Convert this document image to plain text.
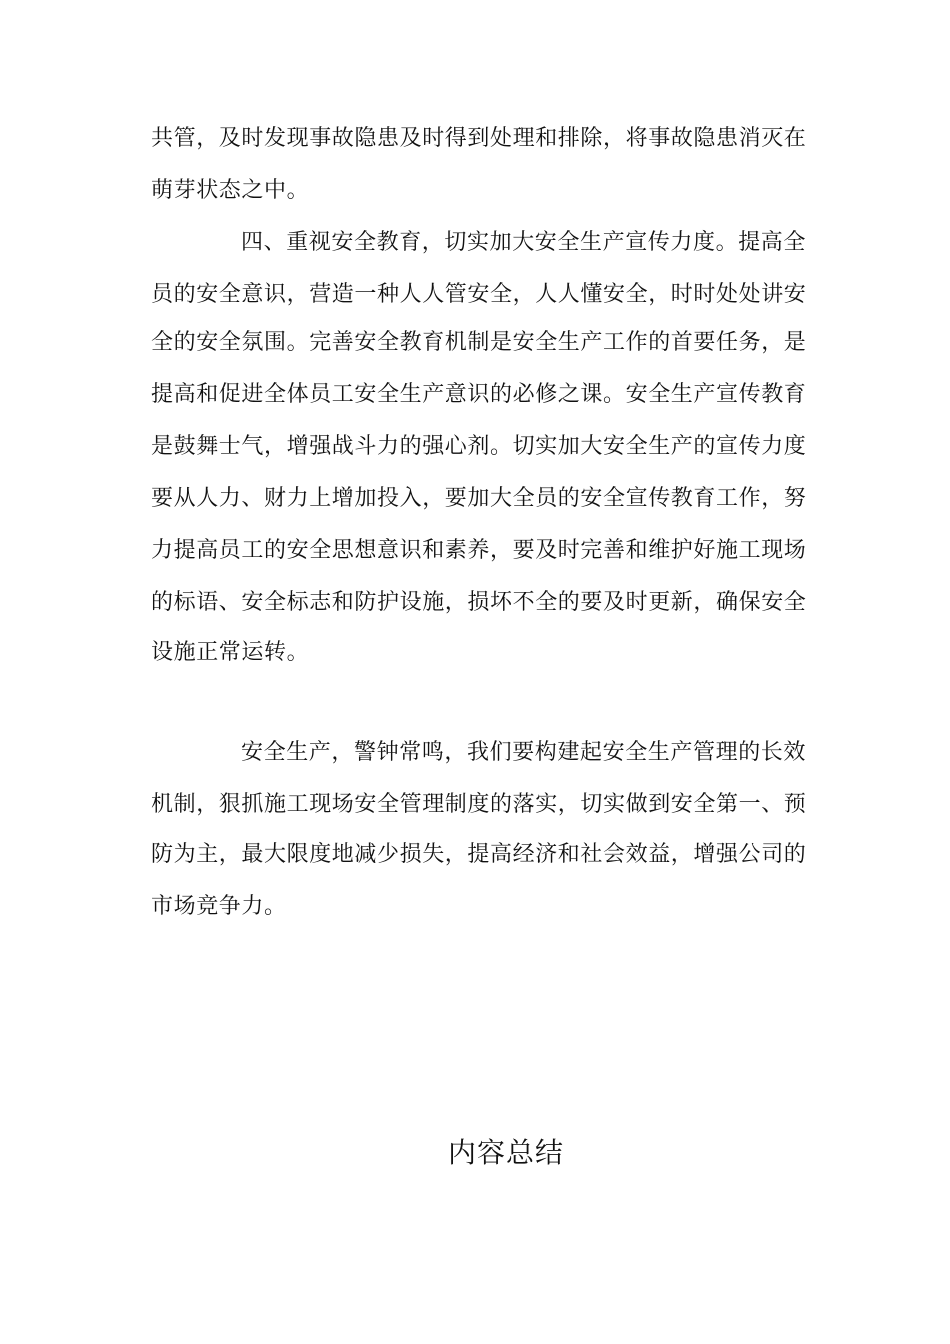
共管，及时发现事故隐患及时得到处理和排除，将事故隐患消灭在
萌芽状态之中。
四、重视安全教育，切实加大安全生产宣传力度。提高全
员的安全意识，营造一种人人管安全，人人懂安全，时时处处讲安
全的安全氛围。完善安全教育机制是安全生产工作的首要任务，是
提高和促进全体员工安全生产意识的必修之课。安全生产宣传教育
是鼓舞士气，增强战斗力的强心剂。切实加大安全生产的宣传力度
要从人力、财力上增加投入，要加大全员的安全宣传教育工作，努
力提高员工的安全思想意识和素养，要及时完善和维护好施工现场
的标语、安全标志和防护设施，损坏不全的要及时更新，确保安全
设施正常运转。
安全生产，警钟常鸣，我们要构建起安全生产管理的长效
机制，狠抓施工现场安全管理制度的落实，切实做到安全第一、预
防为主，最大限度地减少损失，提高经济和社会效益，增强公司的
市场竞争力。
内容总结
